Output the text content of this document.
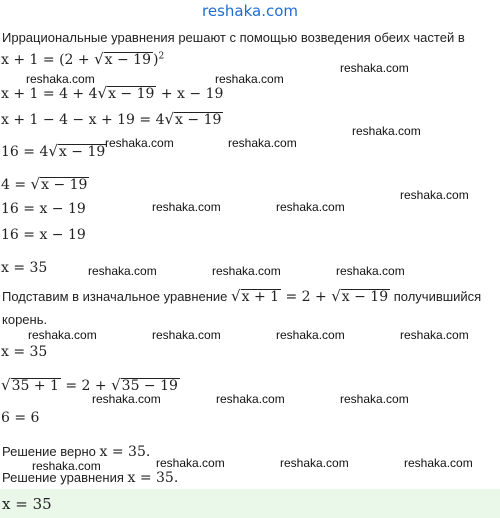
reshaka.com
Иррациональные уравнения решают с помощью возведения обеих частей в
x + 1 = (2 + √x − 19 )$^2$
x + 1 = 4 + 4√x − 19 + x − 19
x + 1 − 4 − x + 19 = 4√x − 19
16 = 4√x − 19
4 = √x − 19
16 = x − 19
16 = x − 19
x = 35
Подставим в изначальное уравнение √x + 1 = 2 + √x − 19 получившийся
корень.
x = 35
√35 + 1 = 2 + √35 − 19
6 = 6
Решение верно x = 35.
Решение уравнения x = 35.
x = 35
reshaka.com	reshaka.com
reshaka.com
reshaka.com
reshaka.com	reshaka.com
reshaka.com
reshaka.com	reshaka.com
reshaka.com	reshaka.com	reshaka.com
reshaka.com	reshaka.com	reshaka.com	reshaka.com
reshaka.com	reshaka.com	reshaka.com
reshaka.com	reshaka.com	reshaka.com	reshaka.com
